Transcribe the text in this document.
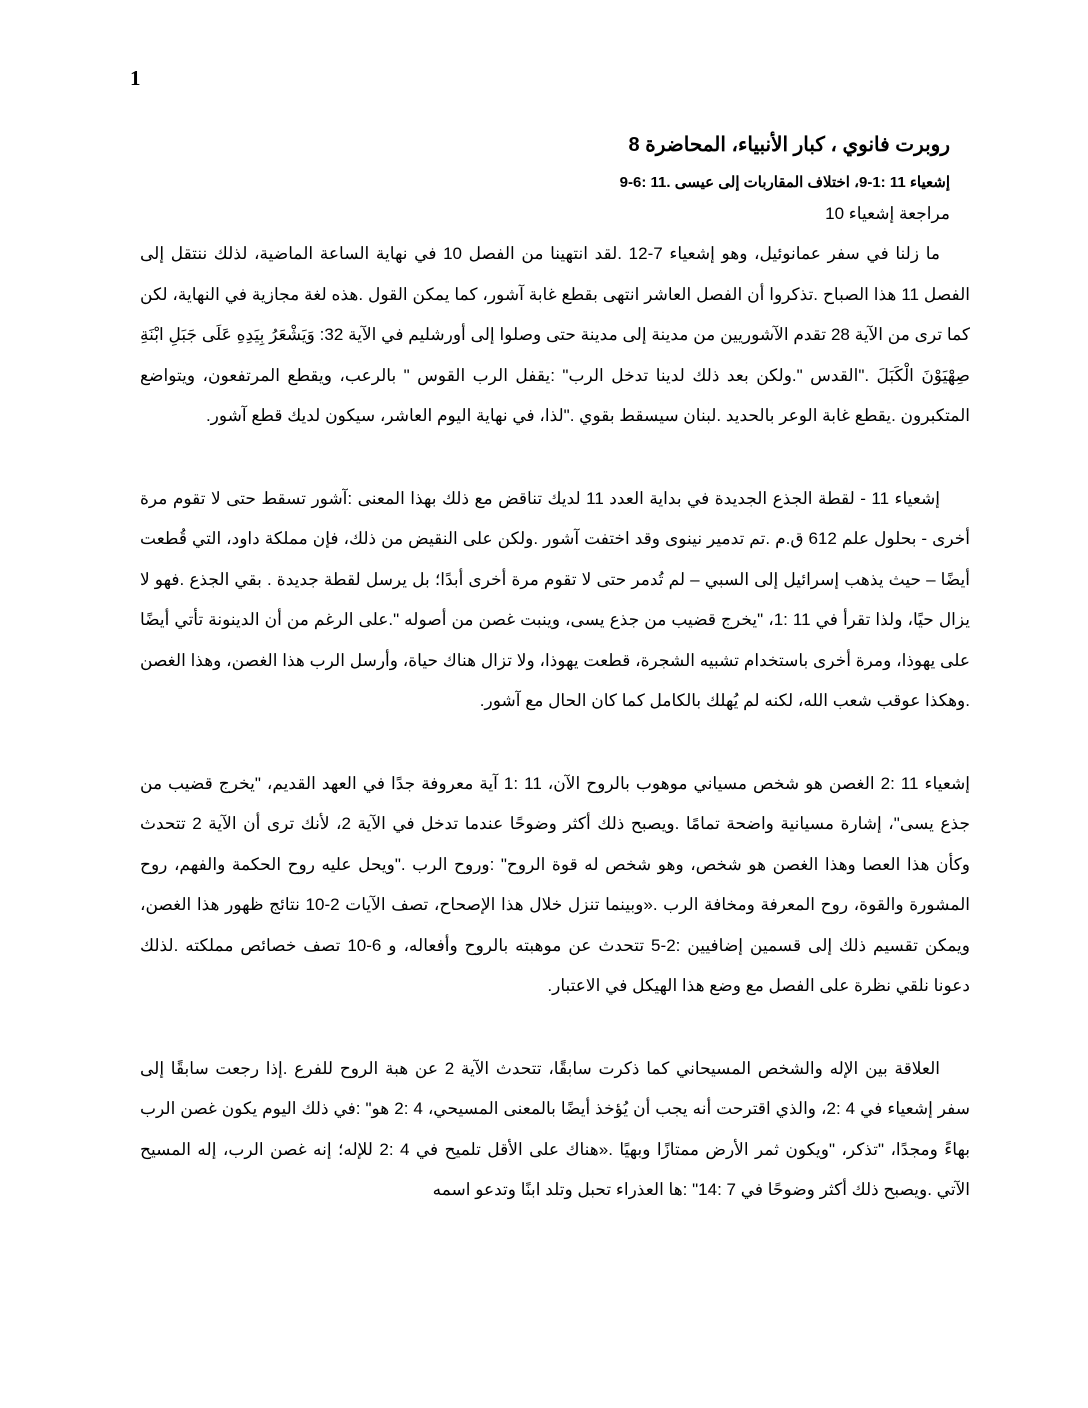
1
روبرت فانوي ، كبار الأنبياء، المحاضرة 8
إشعياء 11 :1-9، اختلاف المقاربات إلى عيسى .11 :6-9
مراجعة إشعياء 10

ما زلنا في سفر عمانوئيل، وهو إشعياء 7-12 .لقد انتهينا من الفصل 10 في نهاية الساعة الماضية، لذلك ننتقل إلى الفصل 11 هذا الصباح .تذكروا أن الفصل العاشر انتهى بقطع غابة آشور، كما يمكن القول .هذه لغة مجازية في النهاية، لكن كما ترى من الآية 28 تقدم الآشوريين من مدينة إلى مدينة حتى وصلوا إلى أورشليم في الآية 32: وَيَشْعَرُ بِيَدِهِ عَلَى جَبَلِ ابْنَةِ صِهْيَوْنَ الْكَبَلَ ."القدس ".ولكن بعد ذلك لدينا تدخل الرب" :يقفل الرب القوس " بالرعب، ويقطع المرتفعون، ويتواضع المتكبرون .يقطع غابة الوعر بالحديد .لبنان سيسقط بقوي ."لذا، في نهاية اليوم العاشر، سيكون لديك قطع آشور.

إشعياء 11 - لقطة الجذع الجديدة في بداية العدد 11 لديك تناقض مع ذلك بهذا المعنى :آشور تسقط حتى لا تقوم مرة أخرى - بحلول علم 612 ق.م .تم تدمير نينوى وقد اختفت آشور .ولكن على النقيض من ذلك، فإن مملكة داود، التي قُطعت أيضًا – حيث يذهب إسرائيل إلى السبي – لم تُدمر حتى لا تقوم مرة أخرى أبدًا؛ بل يرسل لقطة جديدة . بقي الجذع .فهو لا يزال حيًا، ولذا تقرأ في 11 :1، "يخرج قضيب من جذع يسى، وينبت غصن من أصوله ".على الرغم من أن الدينونة تأتي أيضًا على يهوذا، ومرة أخرى باستخدام تشبيه الشجرة، قطعت يهوذا، ولا تزال هناك حياة، وأرسل الرب هذا الغصن، وهذا الغصن .وهكذا عوقب شعب الله، لكنه لم يُهلك بالكامل كما كان الحال مع آشور.

إشعياء 11 :2 الغصن هو شخص مسياني موهوب بالروح الآن، 11 :1 آية معروفة جدًا في العهد القديم، "يخرج قضيب من جذع يسى"، إشارة مسيانية واضحة تمامًا .ويصبح ذلك أكثر وضوحًا عندما تدخل في الآية 2، لأنك ترى أن الآية 2 تتحدث وكأن هذا العصا وهذا الغصن هو شخص، وهو شخص له قوة الروح" :وروح الرب ."ويحل عليه روح الحكمة والفهم، روح المشورة والقوة، روح المعرفة ومخافة الرب .«وبينما تنزل خلال هذا الإصحاح، تصف الآيات 2-10 نتائج ظهور هذا الغصن، ويمكن تقسيم ذلك إلى قسمين إضافيين :2-5 تتحدث عن موهبته بالروح وأفعاله، و 6-10 تصف خصائص مملكته .لذلك دعونا نلقي نظرة على الفصل مع وضع هذا الهيكل في الاعتبار.

العلاقة بين الإله والشخص المسيحاني كما ذكرت سابقًا، تتحدث الآية 2 عن هبة الروح للفرع .إذا رجعت سابقًا إلى سفر إشعياء في 4 :2، والذي اقترحت أنه يجب أن يُؤخذ أيضًا بالمعنى المسيحي، 4 :2 هو" :في ذلك اليوم يكون غصن الرب بهاءً ومجدًا، "تذكر، "ويكون ثمر الأرض ممتازًا وبهيًا .«هناك على الأقل تلميح في 4 :2 للإله؛ إنه غصن الرب، إله المسيح الآتي .ويصبح ذلك أكثر وضوحًا في 7 :14" :ها العذراء تحبل وتلد ابنًا وتدعو اسمه
